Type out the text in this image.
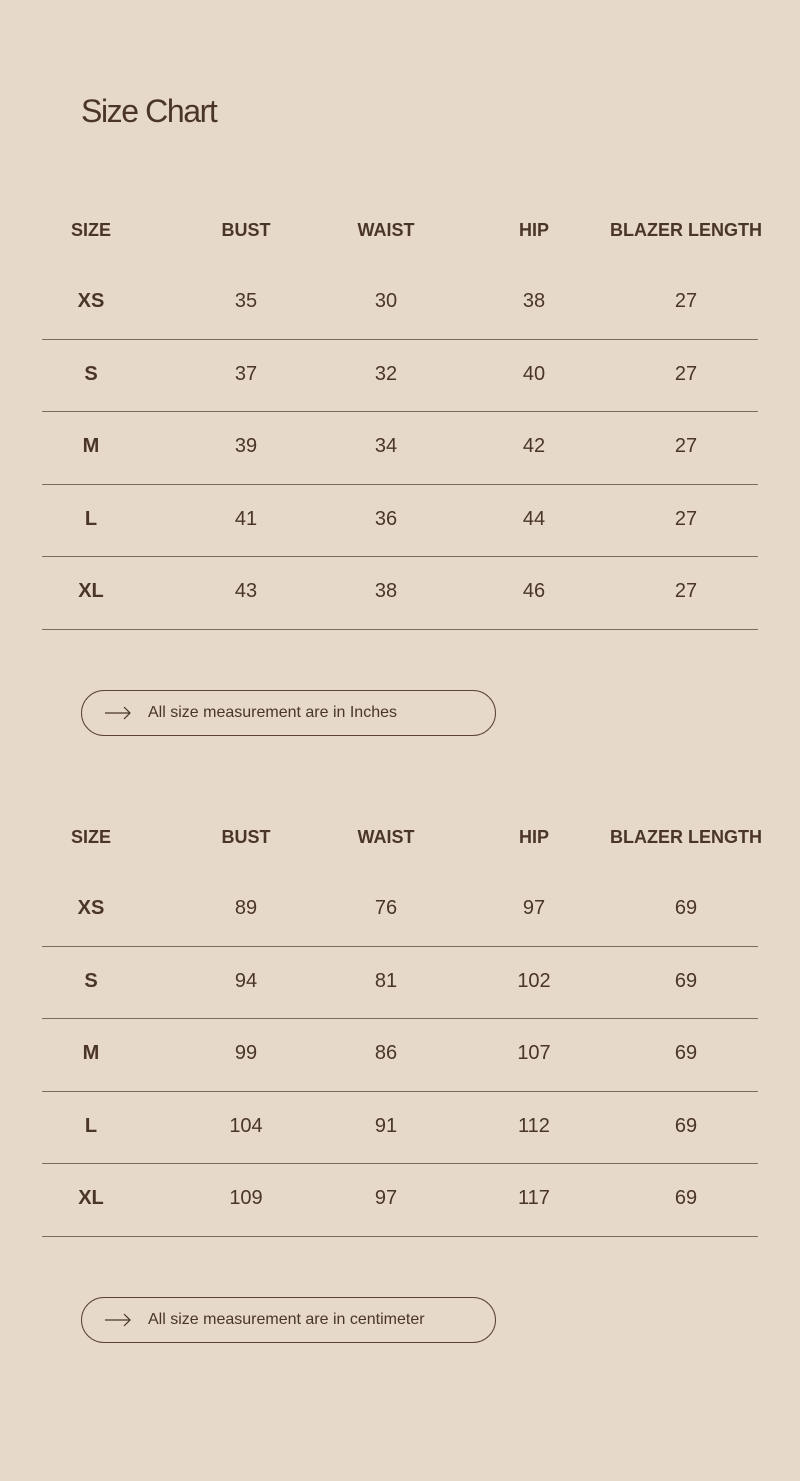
Size Chart
SIZE	BUST	WAIST	HIP	BLAZER LENGTH
XS	35	30	38	27
S	37	32	40	27
M	39	34	42	27
L	41	36	44	27
XL	43	38	46	27
All size measurement are in Inches
SIZE	BUST	WAIST	HIP	BLAZER LENGTH
XS	89	76	97	69
S	94	81	102	69
M	99	86	107	69
L	104	91	112	69
XL	109	97	117	69
All size measurement are in centimeter
